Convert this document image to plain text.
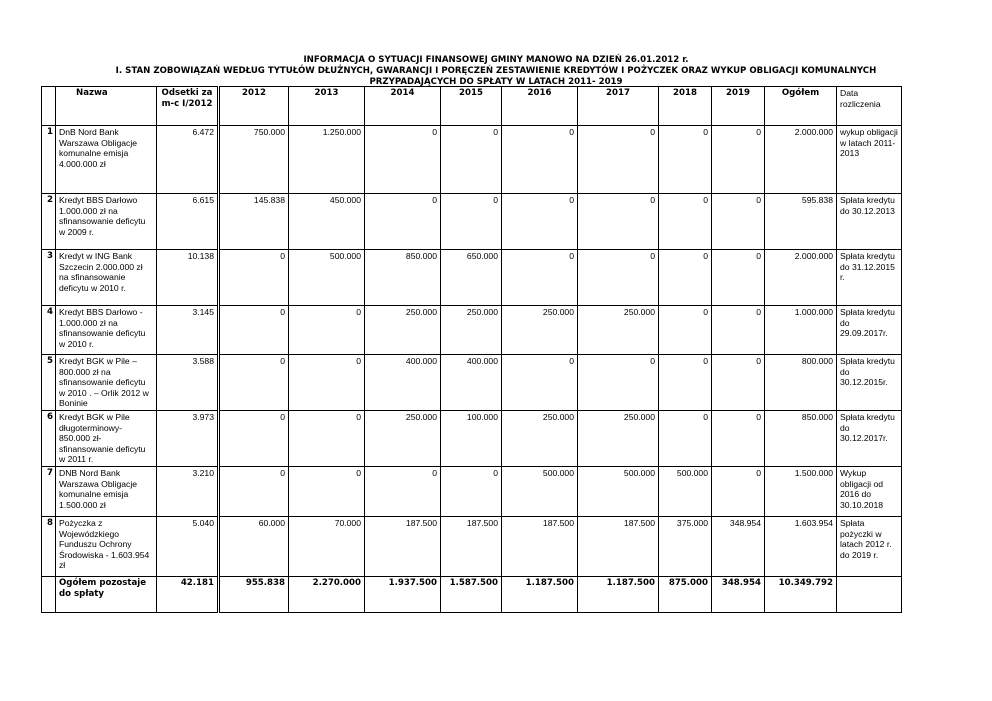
INFORMACJA O SYTUACJI FINANSOWEJ GMINY MANOWO NA DZIEŃ 26.01.2012 r.
I. STAN ZOBOWIĄZAŃ WEDŁUG TYTUŁÓW DŁUŻNYCH, GWARANCJI I PORĘCZEŃ ZESTAWIENIE KREDYTÓW I POŻYCZEK ORAZ WYKUP OBLIGACJI KOMUNALNYCH
PRZYPADAJĄCYCH DO SPŁATY W LATACH 2011- 2019
	Nazwa	Odsetki za m-c I/2012	2012	2013	2014	2015	2016	2017	2018	2019	Ogółem	Data rozliczenia
1	DnB Nord Bank Warszawa Obligacje komunalne emisja 4.000.000 zł	6.472	750.000	1.250.000	0	0	0	0	0	0	2.000.000	wykup obligacji w latach 2011-2013
2	Kredyt BBS Darłowo 1.000.000 zł na sfinansowanie deficytu w 2009 r.	6.615	145.838	450.000	0	0	0	0	0	0	595.838	Spłata kredytu do 30.12.2013
3	Kredyt w ING Bank Szczecin 2.000.000 zł na sfinansowanie deficytu w 2010 r.	10.138	0	500.000	850.000	650.000	0	0	0	0	2.000.000	Spłata kredytu do 31.12.2015 r.
4	Kredyt BBS Darłowo - 1.000.000 zł na sfinansowanie deficytu w 2010 r.	3.145	0	0	250.000	250.000	250.000	250.000	0	0	1.000.000	Spłata kredytu do 29.09.2017r.
5	Kredyt BGK w Pile – 800.000 zł na sfinansowanie deficytu w 2010 . – Orlik 2012 w Boninie	3.588	0	0	400.000	400.000	0	0	0	0	800.000	Spłata kredytu do 30.12.2015r.
6	Kredyt BGK w Pile długoterminowy- 850.000 zł- sfinansowanie deficytu w 2011 r.	3.973	0	0	250.000	100.000	250.000	250.000	0	0	850.000	Spłata kredytu do 30.12.2017r.
7	DNB Nord Bank Warszawa Obligacje komunalne emisja 1.500.000 zł	3.210	0	0	0	0	500.000	500.000	500.000	0	1.500.000	Wykup obligacji od 2016 do 30.10.2018
8	Pożyczka z Wojewódzkiego Funduszu Ochrony Środowiska - 1.603.954 zł	5.040	60.000	70.000	187.500	187.500	187.500	187.500	375.000	348.954	1.603.954	Spłata pożyczki w latach 2012 r. do 2019 r.
	Ogółem pozostaje do spłaty	42.181	955.838	2.270.000	1.937.500	1.587.500	1.187.500	1.187.500	875.000	348.954	10.349.792	
